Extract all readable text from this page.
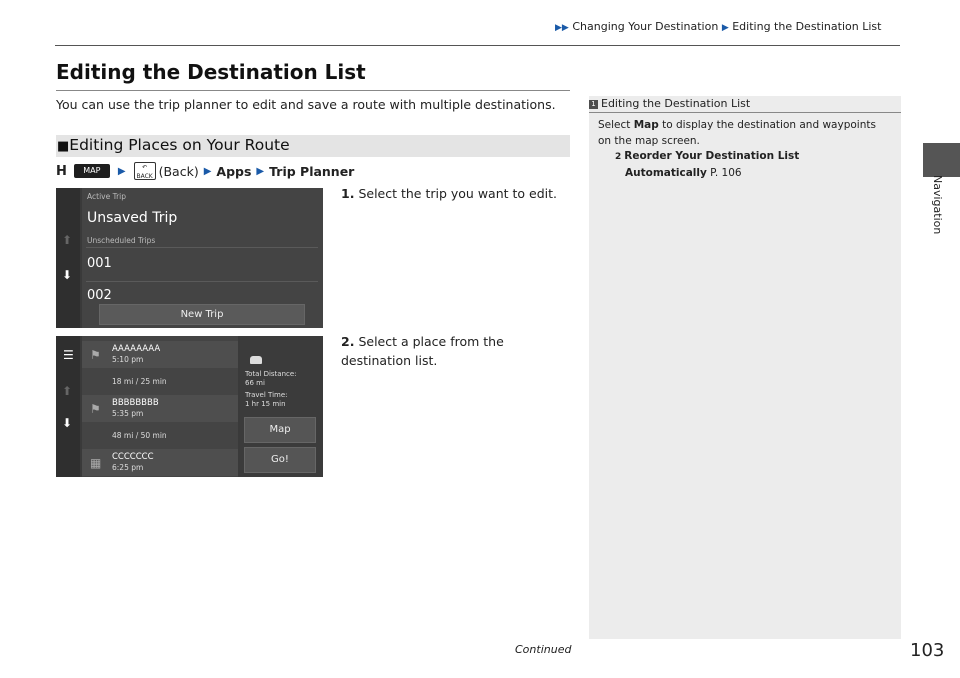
▶▶ Changing Your Destination ▶ Editing the Destination List
Navigation
Editing the Destination List
You can use the trip planner to edit and save a route with multiple destinations.
■Editing Places on Your Route
H	MAP	▶	↶
BACK (Back) ▶ Apps ▶ Trip Planner
1. Select the trip you want to edit.
2. Select a place from the destination list.
⬆
⬇
Active Trip
Unsaved Trip
Unscheduled Trips
001
002
New Trip
☰
⬆
⬇
⚑ AAAAAAAA
5:10 pm
18 mi / 25 min
⚑ BBBBBBBB
5:35 pm
48 mi / 50 min
▦ CCCCCCC
6:25 pm
Total Distance:
66 mi
Travel Time:
1 hr 15 min
Map
Go!
1 Editing the Destination List
Select Map to display the destination and waypoints
on the map screen.
2 Reorder Your Destination List
Automatically P. 106
Continued	103
